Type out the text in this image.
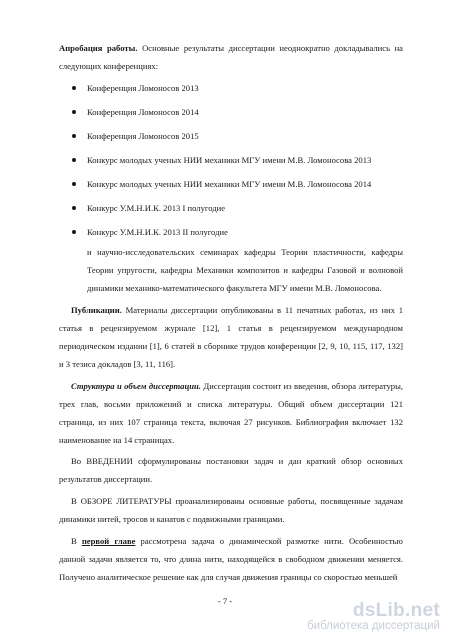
Апробация работы. Основные результаты диссертации неоднократно докладывались на следующих конференциях:
Конференция Ломоносов 2013
Конференция Ломоносов 2014
Конференция Ломоносов 2015
Конкурс молодых ученых НИИ механики МГУ имени М.В. Ломоносова 2013
Конкурс молодых ученых НИИ механики МГУ имени М.В. Ломоносова 2014
Конкурс У.М.Н.И.К. 2013 I полугодие
Конкурс У.М.Н.И.К. 2013 II полугодие
и научно-исследовательских семинарах кафедры Теории пластичности, кафедры Теории упругости, кафедры Механики композитов и кафедры Газовой и волновой динамики механико-математического факультета МГУ имени М.В. Ломоносова.
Публикации. Материалы диссертации опубликованы в 11 печатных работах, из них 1 статья в рецензируемом журнале [12], 1 статья в рецензируемом международном периодическом издании [1], 6 статей в сборнике трудов конференции [2, 9, 10, 115, 117, 132] и 3 тезиса докладов [3, 11, 116].
Структура и объем диссертации. Диссертация состоит из введения, обзора литературы, трех глав, восьми приложений и списка литературы. Общий объем диссертации 121 страница, из них 107 страница текста, включая 27 рисунков. Библиография включает 132 наименование на 14 страницах.
Во ВВЕДЕНИИ сформулированы постановки задач и дан краткий обзор основных результатов диссертации.
В ОБЗОРЕ ЛИТЕРАТУРЫ проанализированы основные работы, посвященные задачам динамики нитей, тросов и канатов с подвижными границами.
В первой главе рассмотрена задача о динамической размотке нити. Особенностью данной задачи является то, что длина нити, находящейся в свободном движении меняется. Получено аналитическое решение как для случая движения границы со скоростью меньшей
- 7 -	dsLib.net
библиотека диссертаций
